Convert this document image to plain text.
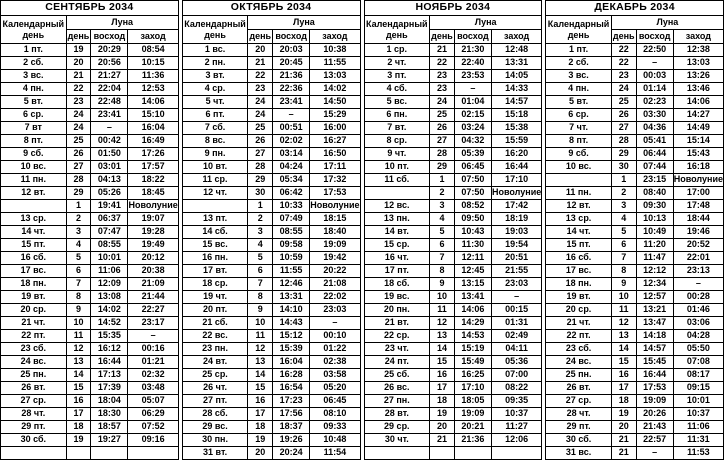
СЕНТЯБРЬ 2034			
Календарный день	Луна		
	день	восход	заход
1 пт.	19	20:29	08:54
2 сб.	20	20:56	10:15
3 вс.	21	21:27	11:36
4 пн.	22	22:04	12:53
5 вт.	23	22:48	14:06
6 ср.	24	23:41	15:10
7 вт	24	–	16:04
8 пт.	25	00:42	16:49
9 сб.	26	01:50	17:26
10 вс.	27	03:01	17:57
11 пн.	28	04:13	18:22
12 вт.	29	05:26	18:45
	1	19:41	Новолуние
13 ср.	2	06:37	19:07
14 чт.	3	07:47	19:28
15 пт.	4	08:55	19:49
16 сб.	5	10:01	20:12
17 вс.	6	11:06	20:38
18 пн.	7	12:09	21:09
19 вт.	8	13:08	21:44
20 ср.	9	14:02	22:27
21 чт.	10	14:52	23:17
22 пт.	11	15:35	–
23 сб.	12	16:12	00:16
24 вс.	13	16:44	01:21
25 пн.	14	17:13	02:32
26 вт.	15	17:39	03:48
27 ср.	16	18:04	05:07
28 чт.	17	18:30	06:29
29 пт.	18	18:57	07:52
30 сб.	19	19:27	09:16

ОКТЯБРЬ 2034			
Календарный день	Луна		
	день	восход	заход
1 вс.	20	20:03	10:38
2 пн.	21	20:45	11:55
3 вт.	22	21:36	13:03
4 ср.	23	22:36	14:02
5 чт.	24	23:41	14:50
6 пт.	24	–	15:29
7 сб.	25	00:51	16:00
8 вс.	26	02:02	16:27
9 пн.	27	03:14	16:50
10 вт.	28	04:24	17:11
11 ср.	29	05:34	17:32
12 чт.	30	06:42	17:53
	1	10:33	Новолуние
13 пт.	2	07:49	18:15
14 сб.	3	08:55	18:40
15 вс.	4	09:58	19:09
16 пн.	5	10:59	19:42
17 вт.	6	11:55	20:22
18 ср.	7	12:46	21:08
19 чт.	8	13:31	22:02
20 пт.	9	14:10	23:03
21 сб.	10	14:43	–
22 вс.	11	15:12	00:10
23 пн.	12	15:39	01:22
24 вт.	13	16:04	02:38
25 ср.	14	16:28	03:58
26 чт.	15	16:54	05:20
27 пт.	16	17:23	06:45
28 сб.	17	17:56	08:10
29 вс.	18	18:37	09:33
30 пн.	19	19:26	10:48
31 вт.	20	20:24	11:54
НОЯБРЬ 2034			
Календарный день	Луна		
	день	восход	заход
1 ср.	21	21:30	12:48
2 чт.	22	22:40	13:31
3 пт.	23	23:53	14:05
4 сб.	23	–	14:33
5 вс.	24	01:04	14:57
6 пн.	25	02:15	15:18
7 вт.	26	03:24	15:38
8 ср.	27	04:32	15:59
9 чт.	28	05:39	16:20
10 пт.	29	06:45	16:44
11 сб.	1	07:50	17:10
	2	07:50	Новолуние
12 вс.	3	08:52	17:42
13 пн.	4	09:50	18:19
14 вт.	5	10:43	19:03
15 ср.	6	11:30	19:54
16 чт.	7	12:11	20:51
17 пт.	8	12:45	21:55
18 сб.	9	13:15	23:03
19 вс.	10	13:41	–
20 пн.	11	14:06	00:15
21 вт.	12	14:29	01:31
22 ср.	13	14:53	02:49
23 чт.	14	15:19	04:11
24 пт.	15	15:49	05:36
25 сб.	16	16:25	07:00
26 вс.	17	17:10	08:22
27 пн.	18	18:05	09:35
28 вт.	19	19:09	10:37
29 ср.	20	20:21	11:27
30 чт.	21	21:36	12:06

ДЕКАБРЬ 2034			
Календарный день	Луна		
	день	восход	заход
1 пт.	22	22:50	12:38
2 сб.	22	–	13:03
3 вс.	23	00:03	13:26
4 пн.	24	01:14	13:46
5 вт.	25	02:23	14:06
6 ср.	26	03:30	14:27
7 чт.	27	04:36	14:49
8 пт.	28	05:41	15:14
9 сб.	29	06:44	15:43
10 вс.	30	07:44	16:18
	1	23:15	Новолуние
11 пн.	2	08:40	17:00
12 вт.	3	09:30	17:48
13 ср.	4	10:13	18:44
14 чт.	5	10:49	19:46
15 пт.	6	11:20	20:52
16 сб.	7	11:47	22:01
17 вс.	8	12:12	23:13
18 пн.	9	12:34	–
19 вт.	10	12:57	00:28
20 ср.	11	13:21	01:46
21 чт.	12	13:47	03:06
22 пт.	13	14:18	04:28
23 сб.	14	14:57	05:50
24 вс.	15	15:45	07:08
25 пн.	16	16:44	08:17
26 вт.	17	17:53	09:15
27 ср.	18	19:09	10:01
28 чт.	19	20:26	10:37
29 пт.	20	21:43	11:06
30 сб.	21	22:57	11:31
31 вс.	21	–	11:53
